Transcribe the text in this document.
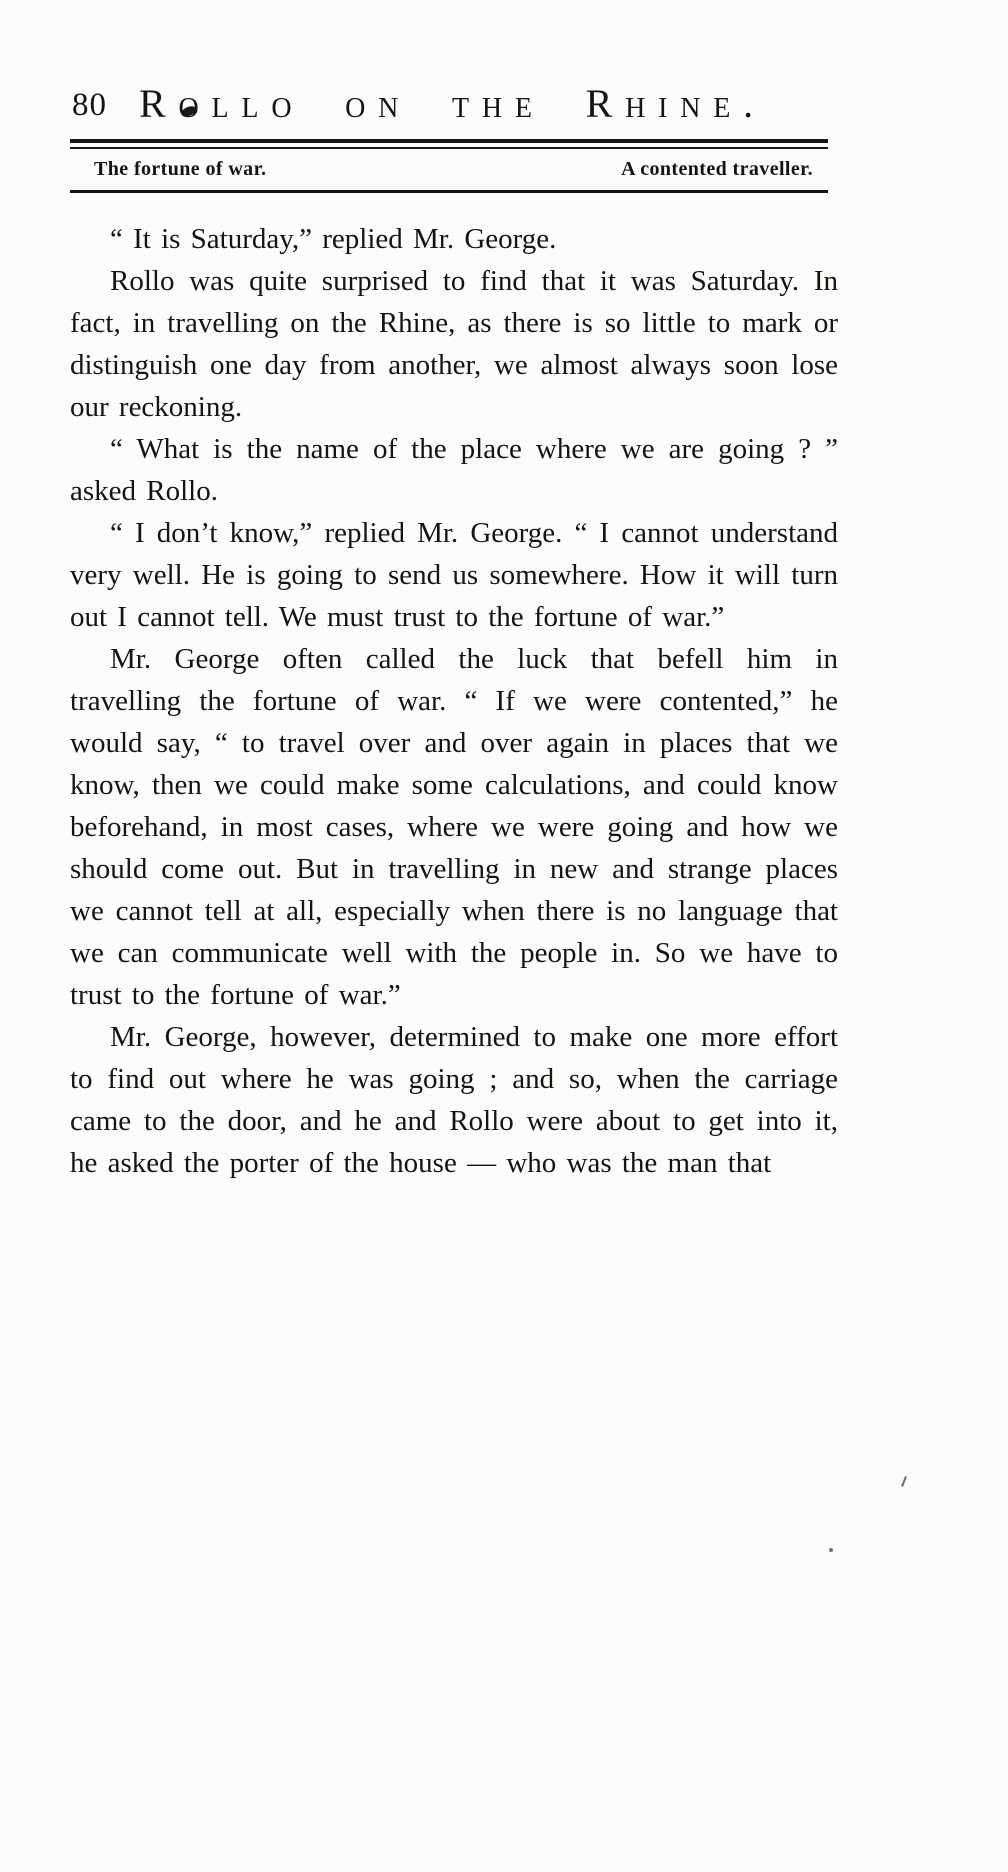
80 Rollo on the Rhine.
The fortune of war.	A contented traveller.

“ It is Saturday,” replied Mr. George.

Rollo was quite surprised to find that it was Saturday. In fact, in travelling on the Rhine, as there is so little to mark or distinguish one day from another, we almost always soon lose our reckoning.

“ What is the name of the place where we are going ? ” asked Rollo.

“ I don’t know,” replied Mr. George. “ I cannot understand very well. He is going to send us somewhere. How it will turn out I cannot tell. We must trust to the fortune of war.”

Mr. George often called the luck that befell him in travelling the fortune of war. “ If we were contented,” he would say, “ to travel over and over again in places that we know, then we could make some calculations, and could know beforehand, in most cases, where we were going and how we should come out. But in travelling in new and strange places we cannot tell at all, especially when there is no language that we can communicate well with the people in. So we have to trust to the fortune of war.”

Mr. George, however, determined to make one more effort to find out where he was going ; and so, when the carriage came to the door, and he and Rollo were about to get into it, he asked the porter of the house — who was the man that
